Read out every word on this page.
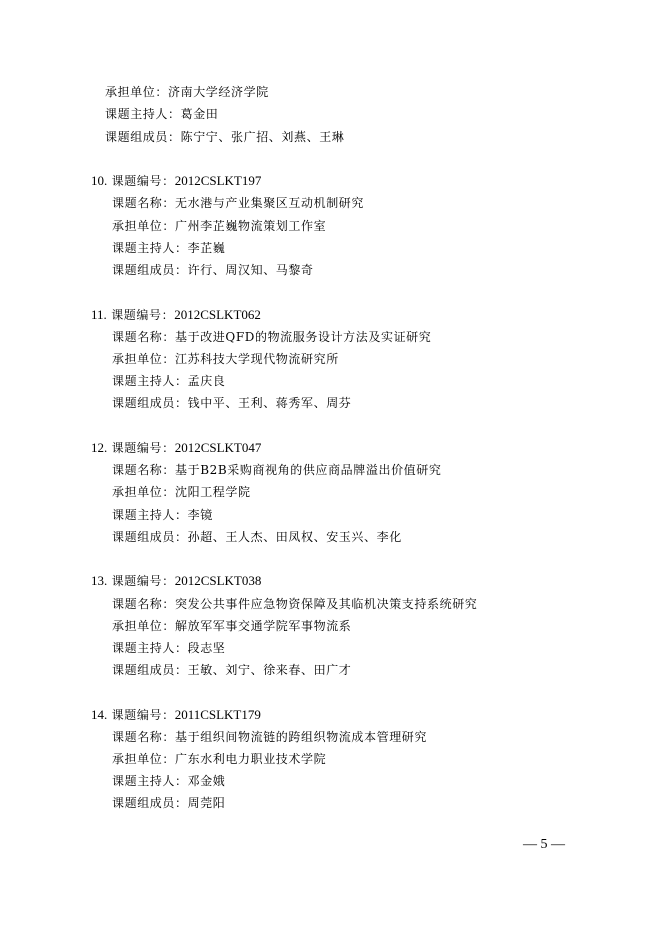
承担单位：济南大学经济学院
课题主持人：葛金田
课题组成员：陈宁宁、张广招、刘燕、王琳
10. 课题编号：2012CSLKT197
课题名称：无水港与产业集聚区互动机制研究
承担单位：广州李芷巍物流策划工作室
课题主持人：李芷巍
课题组成员：许行、周汉知、马黎奇
11. 课题编号：2012CSLKT062
课题名称：基于改进QFD的物流服务设计方法及实证研究
承担单位：江苏科技大学现代物流研究所
课题主持人：孟庆良
课题组成员：钱中平、王利、蒋秀军、周芬
12. 课题编号：2012CSLKT047
课题名称：基于B2B采购商视角的供应商品牌溢出价值研究
承担单位：沈阳工程学院
课题主持人：李镜
课题组成员：孙超、王人杰、田凤权、安玉兴、李化
13. 课题编号：2012CSLKT038
课题名称：突发公共事件应急物资保障及其临机决策支持系统研究
承担单位：解放军军事交通学院军事物流系
课题主持人：段志坚
课题组成员：王敏、刘宁、徐来春、田广才
14. 课题编号：2011CSLKT179
课题名称：基于组织间物流链的跨组织物流成本管理研究
承担单位：广东水利电力职业技术学院
课题主持人：邓金娥
课题组成员：周莞阳
— 5 —
